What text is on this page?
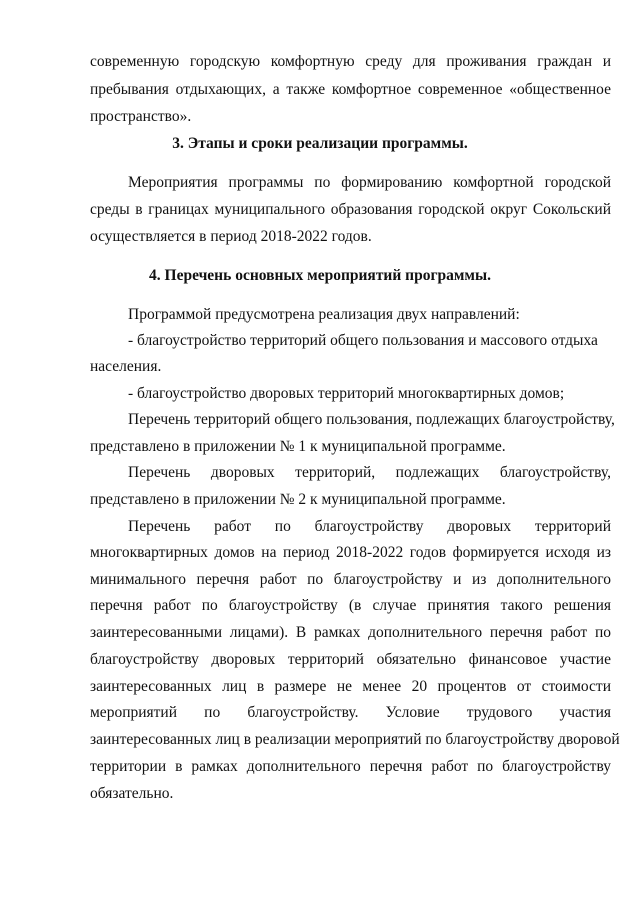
современную городскую комфортную среду для проживания граждан и
пребывания отдыхающих, а также комфортное современное «общественное
пространство».
3. Этапы и сроки реализации программы.
Мероприятия программы по формированию комфортной городской
среды в границах муниципального образования городской округ Сокольский
осуществляется в период 2018-2022 годов.
4. Перечень основных мероприятий программы.
Программой предусмотрена реализация двух направлений:
- благоустройство территорий общего пользования и массового отдыха
населения.
- благоустройство дворовых территорий многоквартирных домов;
Перечень территорий общего пользования, подлежащих благоустройству,
представлено в приложении № 1 к муниципальной программе.
Перечень дворовых территорий, подлежащих благоустройству,
представлено в приложении № 2 к муниципальной программе.
Перечень работ по благоустройству дворовых территорий
многоквартирных домов на период 2018-2022 годов формируется исходя из
минимального перечня работ по благоустройству и из дополнительного
перечня работ по благоустройству (в случае принятия такого решения
заинтересованными лицами). В рамках дополнительного перечня работ по
благоустройству дворовых территорий обязательно финансовое участие
заинтересованных лиц в размере не менее 20 процентов от стоимости
мероприятий по благоустройству. Условие трудового участия
заинтересованных лиц в реализации мероприятий по благоустройству дворовой
территории в рамках дополнительного перечня работ по благоустройству
обязательно.
